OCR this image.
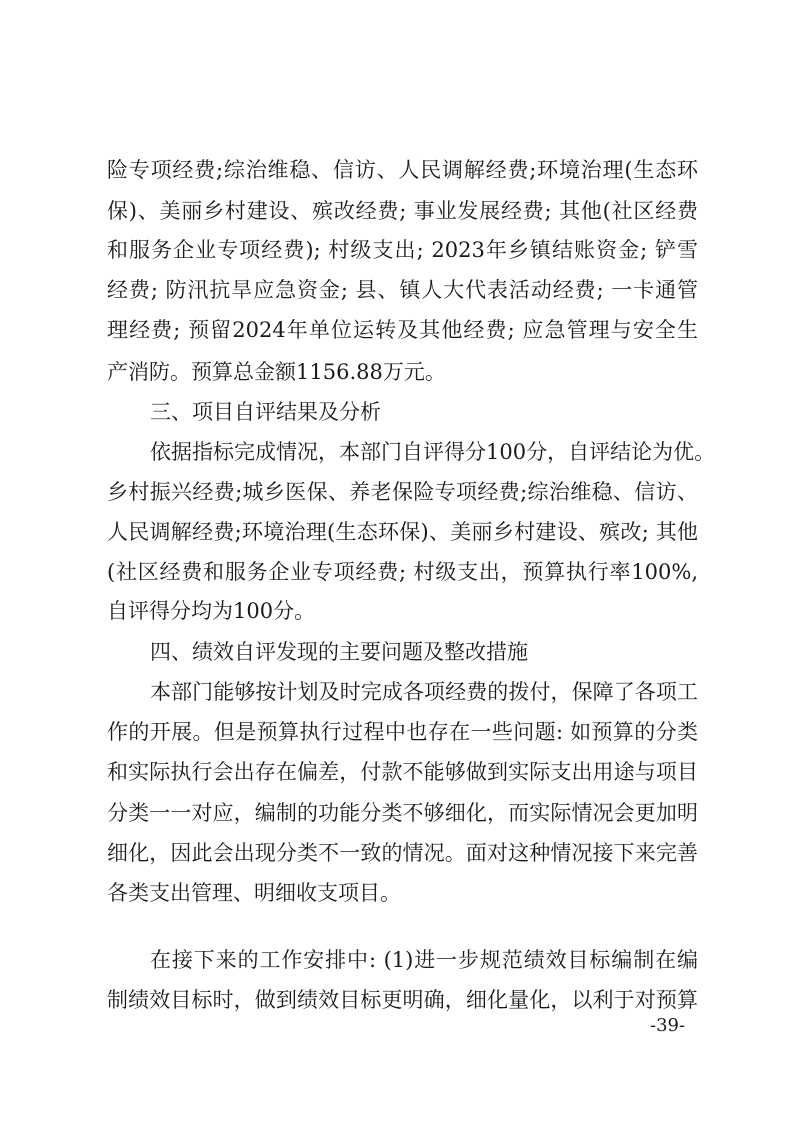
险专项经费;综治维稳、信访、人民调解经费;环境治理(生态环
保)、美丽乡村建设、殡改经费; 事业发展经费; 其他(社区经费
和服务企业专项经费); 村级支出; 2023年乡镇结账资金; 铲雪
经费; 防汛抗旱应急资金; 县、镇人大代表活动经费; 一卡通管
理经费; 预留2024年单位运转及其他经费; 应急管理与安全生
产消防。预算总金额1156.88万元。
三、项目自评结果及分析
依据指标完成情况，本部门自评得分100分，自评结论为优。
乡村振兴经费;城乡医保、养老保险专项经费;综治维稳、信访、
人民调解经费;环境治理(生态环保)、美丽乡村建设、殡改; 其他
(社区经费和服务企业专项经费; 村级支出，预算执行率100%,
自评得分均为100分。
四、绩效自评发现的主要问题及整改措施
本部门能够按计划及时完成各项经费的拨付，保障了各项工
作的开展。但是预算执行过程中也存在一些问题: 如预算的分类
和实际执行会出存在偏差，付款不能够做到实际支出用途与项目
分类一一对应，编制的功能分类不够细化，而实际情况会更加明
细化，因此会出现分类不一致的情况。面对这种情况接下来完善
各类支出管理、明细收支项目。
在接下来的工作安排中: (1)进一步规范绩效目标编制在编
制绩效目标时，做到绩效目标更明确，细化量化，以利于对预算
-39-
